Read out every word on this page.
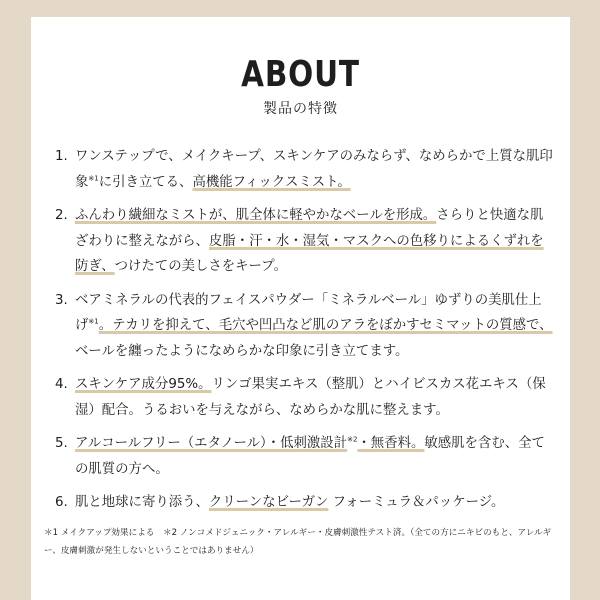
ABOUT
製品の特徴
1. ワンステップで、メイクキープ、スキンケアのみならず、なめらかで上質な肌印象$^{※1}$に引き立てる、高機能フィックスミスト。
2. ふんわり繊細なミストが、肌全体に軽やかなベールを形成。さらりと快適な肌ざわりに整えながら、皮脂・汗・水・湿気・マスクへの色移りによるくずれを防ぎ、つけたての美しさをキープ。
3. ベアミネラルの代表的フェイスパウダー「ミネラルベール」ゆずりの美肌仕上げ$^{※1}$。テカリを抑えて、毛穴や凹凸など肌のアラをぼかすセミマットの質感で、ベールを纏ったようになめらかな印象に引き立てます。
4. スキンケア成分95%。リンゴ果実エキス（整肌）とハイビスカス花エキス（保湿）配合。うるおいを与えながら、なめらかな肌に整えます。
5. アルコールフリー（エタノール）・低刺激設計$^{※2}$・無香料。敏感肌を含む、全ての肌質の方へ。
6. 肌と地球に寄り添う、クリーンなビーガン フォーミュラ＆パッケージ。
＊1 メイクアップ効果による　＊2 ノンコメドジェニック・アレルギー・皮膚刺激性テスト済。（全ての方にニキビのもと、アレルギー、皮膚刺激が発生しないということではありません）
